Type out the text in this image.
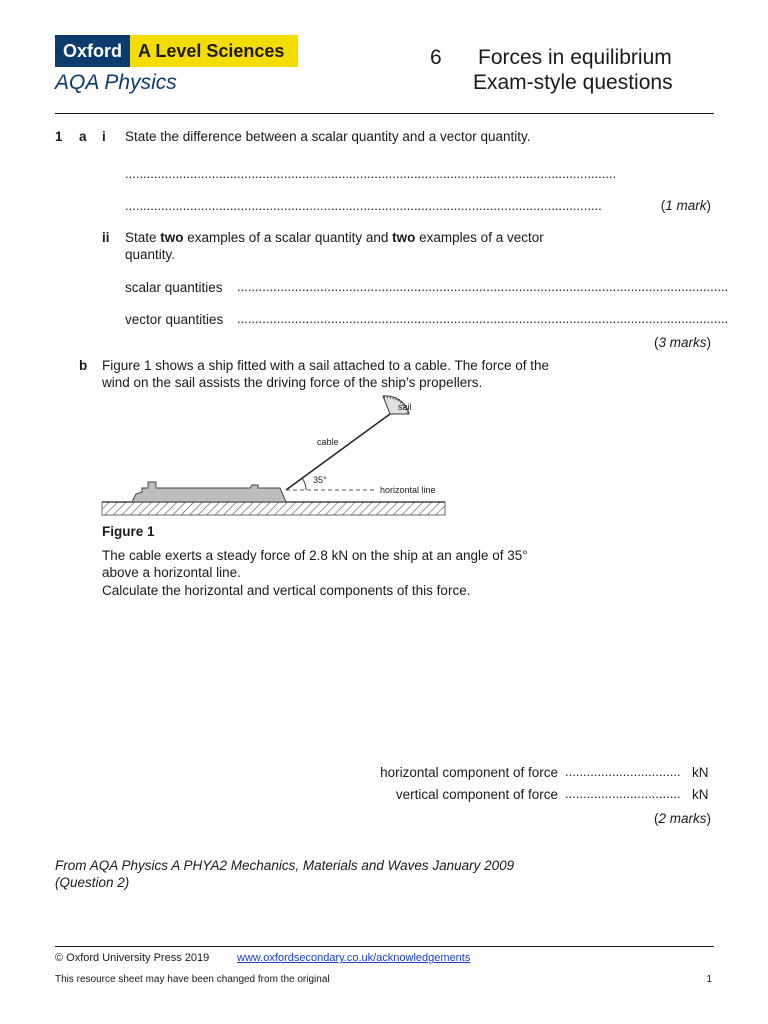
Oxford A Level Sciences
AQA Physics
6 Forces in equilibrium
Exam-style questions
1 a i State the difference between a scalar quantity and a vector quantity.
........................................................................................................................................
....................................................................................................................................	(1 mark)
ii State two examples of a scalar quantity and two examples of a vector
quantity.
scalar quantities ........................................................................................................................................
vector quantities ........................................................................................................................................
(3 marks)
b Figure 1 shows a ship fitted with a sail attached to a cable. The force of the
wind on the sail assists the driving force of the ship’s propellers.
sail
cable
35°
horizontal line
Figure 1
The cable exerts a steady force of 2.8 kN on the ship at an angle of 35°
above a horizontal line.
Calculate the horizontal and vertical components of this force.
horizontal component of force ................................ kN
vertical component of force ................................ kN
(2 marks)
From AQA Physics A PHYA2 Mechanics, Materials and Waves January 2009
(Question 2)
© Oxford University Press 2019	www.oxfordsecondary.co.uk/acknowledgements
This resource sheet may have been changed from the original	1
